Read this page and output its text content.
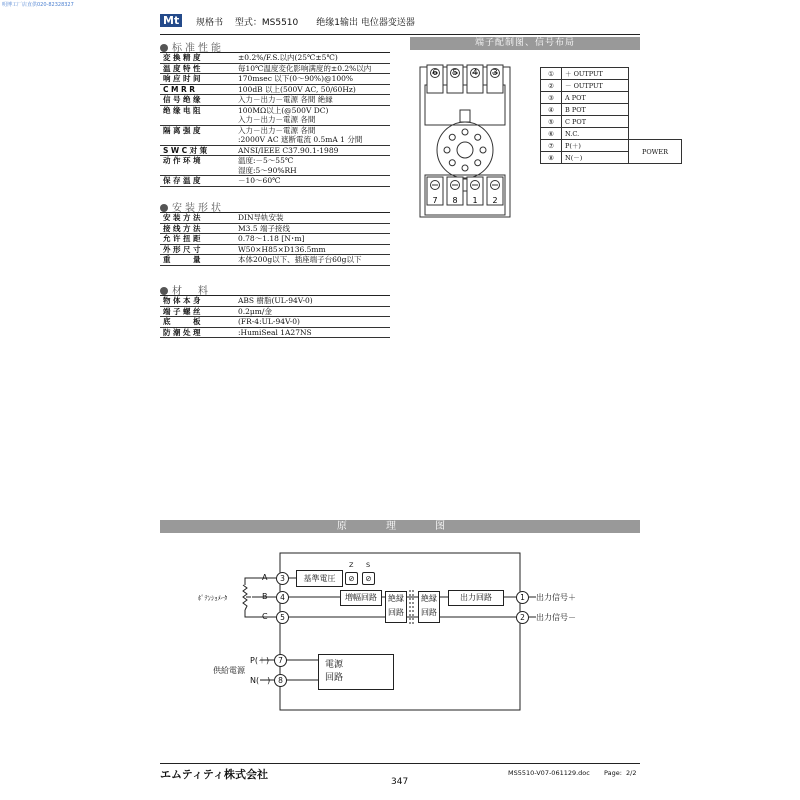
明博工厂店直供020-82328327
Mt	规格书　 型式：MS5510　　绝缘1输出 电位器变送器
标准性能
変換精度	±0.2%/F.S.以内(25℃±5℃)
温度特性	毎10℃温度変化影响满度的±0.2%以内
响应时间	170msec 以下(0～90%)@100%
CMRR	100dB 以上(500V AC, 50/60Hz)
信号绝缘	入力－出力－電源 各間 絶縁
绝缘电阻	100MΩ以上(@500V DC)
入力－出力－電源 各間
隔离强度	入力－出力－電源 各間
:2000V AC 遮断電流 0.5mA 1 分間
SWC对策	ANSI/IEEE C37.90.1-1989
动作环境	温度:－5～55℃
湿度:5～90%RH
保存温度	－10～60℃
安装形状
安装方法	DIN导轨安装
接线方法	M3.5 端子接线
允许扭距	0.78～1.18 [N･m]
外形尺寸	W50×H85×D136.5mm
重　　量	本体200g以下、插座端子台60g以下
材　料
物体本身	ABS 樹脂(UL-94V-0)
端子螺丝	0.2μm/金
底　　板	(FR-4:UL-94V-0)
防潮处理	:HumiSeal 1A27NS
端子配制图、信号布局
6 5 4 3
7 8 1 2
①	＋ OUTPUT	
②	－ OUTPUT	
③	A POT	
④	B POT	
⑤	C POT	
⑥	N.C.	
⑦	P(＋)	POWER
⑧	N(－)	
原 理 图
ﾎﾟﾃﾝｼｮﾒｰﾀ
A
B
C
3
4
5
基準電圧
Z S
⊘	⊘
増幅回路	絶縁
回路
絶縁
回路
出力回路	1
2
出力信号＋
出力信号－
供給電源
P(＋)
N(－)
7
8
電源
回路
エムティティ株式会社	MS5510-V07-061129.doc Page: 2/2
347
